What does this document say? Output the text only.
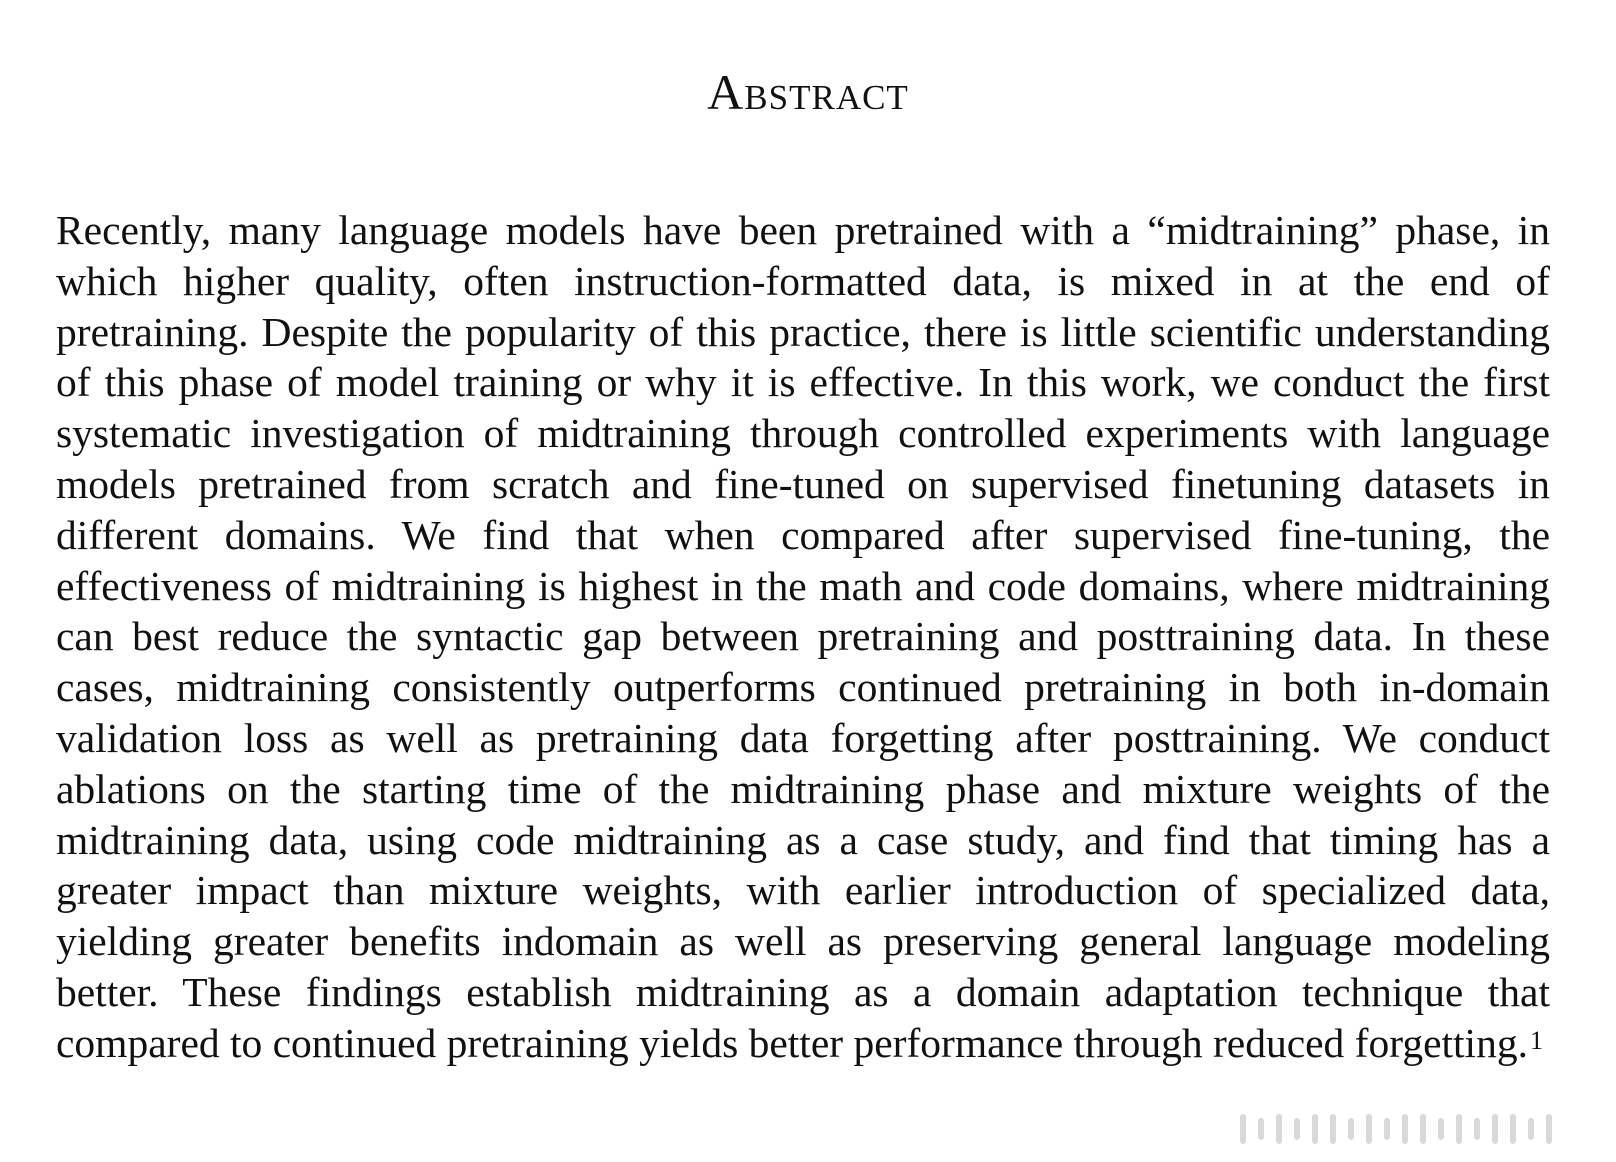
Abstract

Recently, many language models have been pretrained with a “midtraining” phase, in which higher quality, often instruction-formatted data, is mixed in at the end of pretraining. Despite the popularity of this practice, there is little scientific understanding of this phase of model training or why it is effective. In this work, we conduct the first systematic investigation of midtraining through controlled experiments with language models pretrained from scratch and fine-tuned on supervised finetuning datasets in different domains. We find that when compared after supervised fine-tuning, the effectiveness of midtraining is highest in the math and code domains, where midtraining can best reduce the syntactic gap between pretraining and posttraining data. In these cases, midtraining consistently outperforms continued pretraining in both in-domain validation loss as well as pretraining data forgetting after posttraining. We conduct ablations on the starting time of the midtraining phase and mixture weights of the midtraining data, using code midtraining as a case study, and find that timing has a greater impact than mixture weights, with earlier introduction of specialized data, yielding greater benefits indomain as well as preserving general language modeling better. These findings establish midtraining as a domain adaptation technique that compared to continued pretraining yields better performance through reduced forgetting.$^1$
